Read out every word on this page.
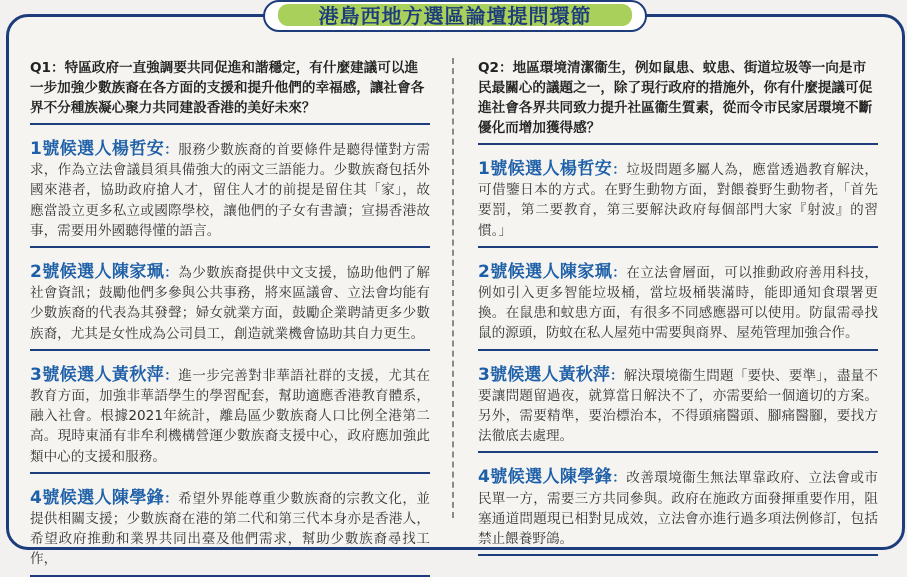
港島西地方選區論壇提問環節
Q1：特區政府一直強調要共同促進和諧穩定，有什麼建議可以進一步加強少數族裔在各方面的支援和提升他們的幸福感，讓社會各界不分種族凝心聚力共同建設香港的美好未來？
1號候選人楊哲安：服務少數族裔的首要條件是聽得懂對方需求，作為立法會議員須具備強大的兩文三語能力。少數族裔包括外國來港者，協助政府搶人才，留住人才的前提是留住其「家」，故應當設立更多私立或國際學校，讓他們的子女有書讀；宣揚香港故事，需要用外國聽得懂的語言。
2號候選人陳家珮：為少數族裔提供中文支援，協助他們了解社會資訊；鼓勵他們多參與公共事務，將來區議會、立法會均能有少數族裔的代表為其發聲；婦女就業方面，鼓勵企業聘請更多少數族裔，尤其是女性成為公司員工，創造就業機會協助其自力更生。
3號候選人黃秋萍：進一步完善對非華語社群的支援，尤其在教育方面，加強非華語學生的學習配套，幫助適應香港教育體系，融入社會。根據2021年統計，離島區少數族裔人口比例全港第二高。現時東涌有非牟利機構營運少數族裔支援中心，政府應加強此類中心的支援和服務。
4號候選人陳學鋒：希望外界能尊重少數族裔的宗教文化，並提供相關支援；少數族裔在港的第二代和第三代本身亦是香港人，希望政府推動和業界共同出臺及他們需求，幫助少數族裔尋找工作，
Q2：地區環境清潔衞生，例如鼠患、蚊患、街道垃圾等一向是市民最關心的議題之一，除了現行政府的措施外，你有什麼提議可促進社會各界共同致力提升社區衞生質素，從而令市民家居環境不斷優化而增加獲得感？
1號候選人楊哲安：垃圾問題多屬人為，應當透過教育解決，可借鑒日本的方式。在野生動物方面，對餵養野生動物者，「首先要罰，第二要教育，第三要解決政府每個部門大家『射波』的習慣。」
2號候選人陳家珮：在立法會層面，可以推動政府善用科技，例如引入更多智能垃圾桶，當垃圾桶裝滿時，能即通知食環署更換。在鼠患和蚊患方面，有很多不同感應器可以使用。防鼠需尋找鼠的源頭，防蚊在私人屋苑中需要與商界、屋苑管理加強合作。
3號候選人黃秋萍：解決環境衞生問題「要快、要準」，盡量不要讓問題留過夜，就算當日解決不了，亦需要給一個適切的方案。另外，需要精準，要治標治本，不得頭痛醫頭、腳痛醫腳，要找方法徹底去處理。
4號候選人陳學鋒：改善環境衞生無法單靠政府、立法會或市民單一方，需要三方共同參與。政府在施政方面發揮重要作用，阻塞通道問題現已相對見成效，立法會亦進行過多項法例修訂，包括禁止餵養野鴿。
